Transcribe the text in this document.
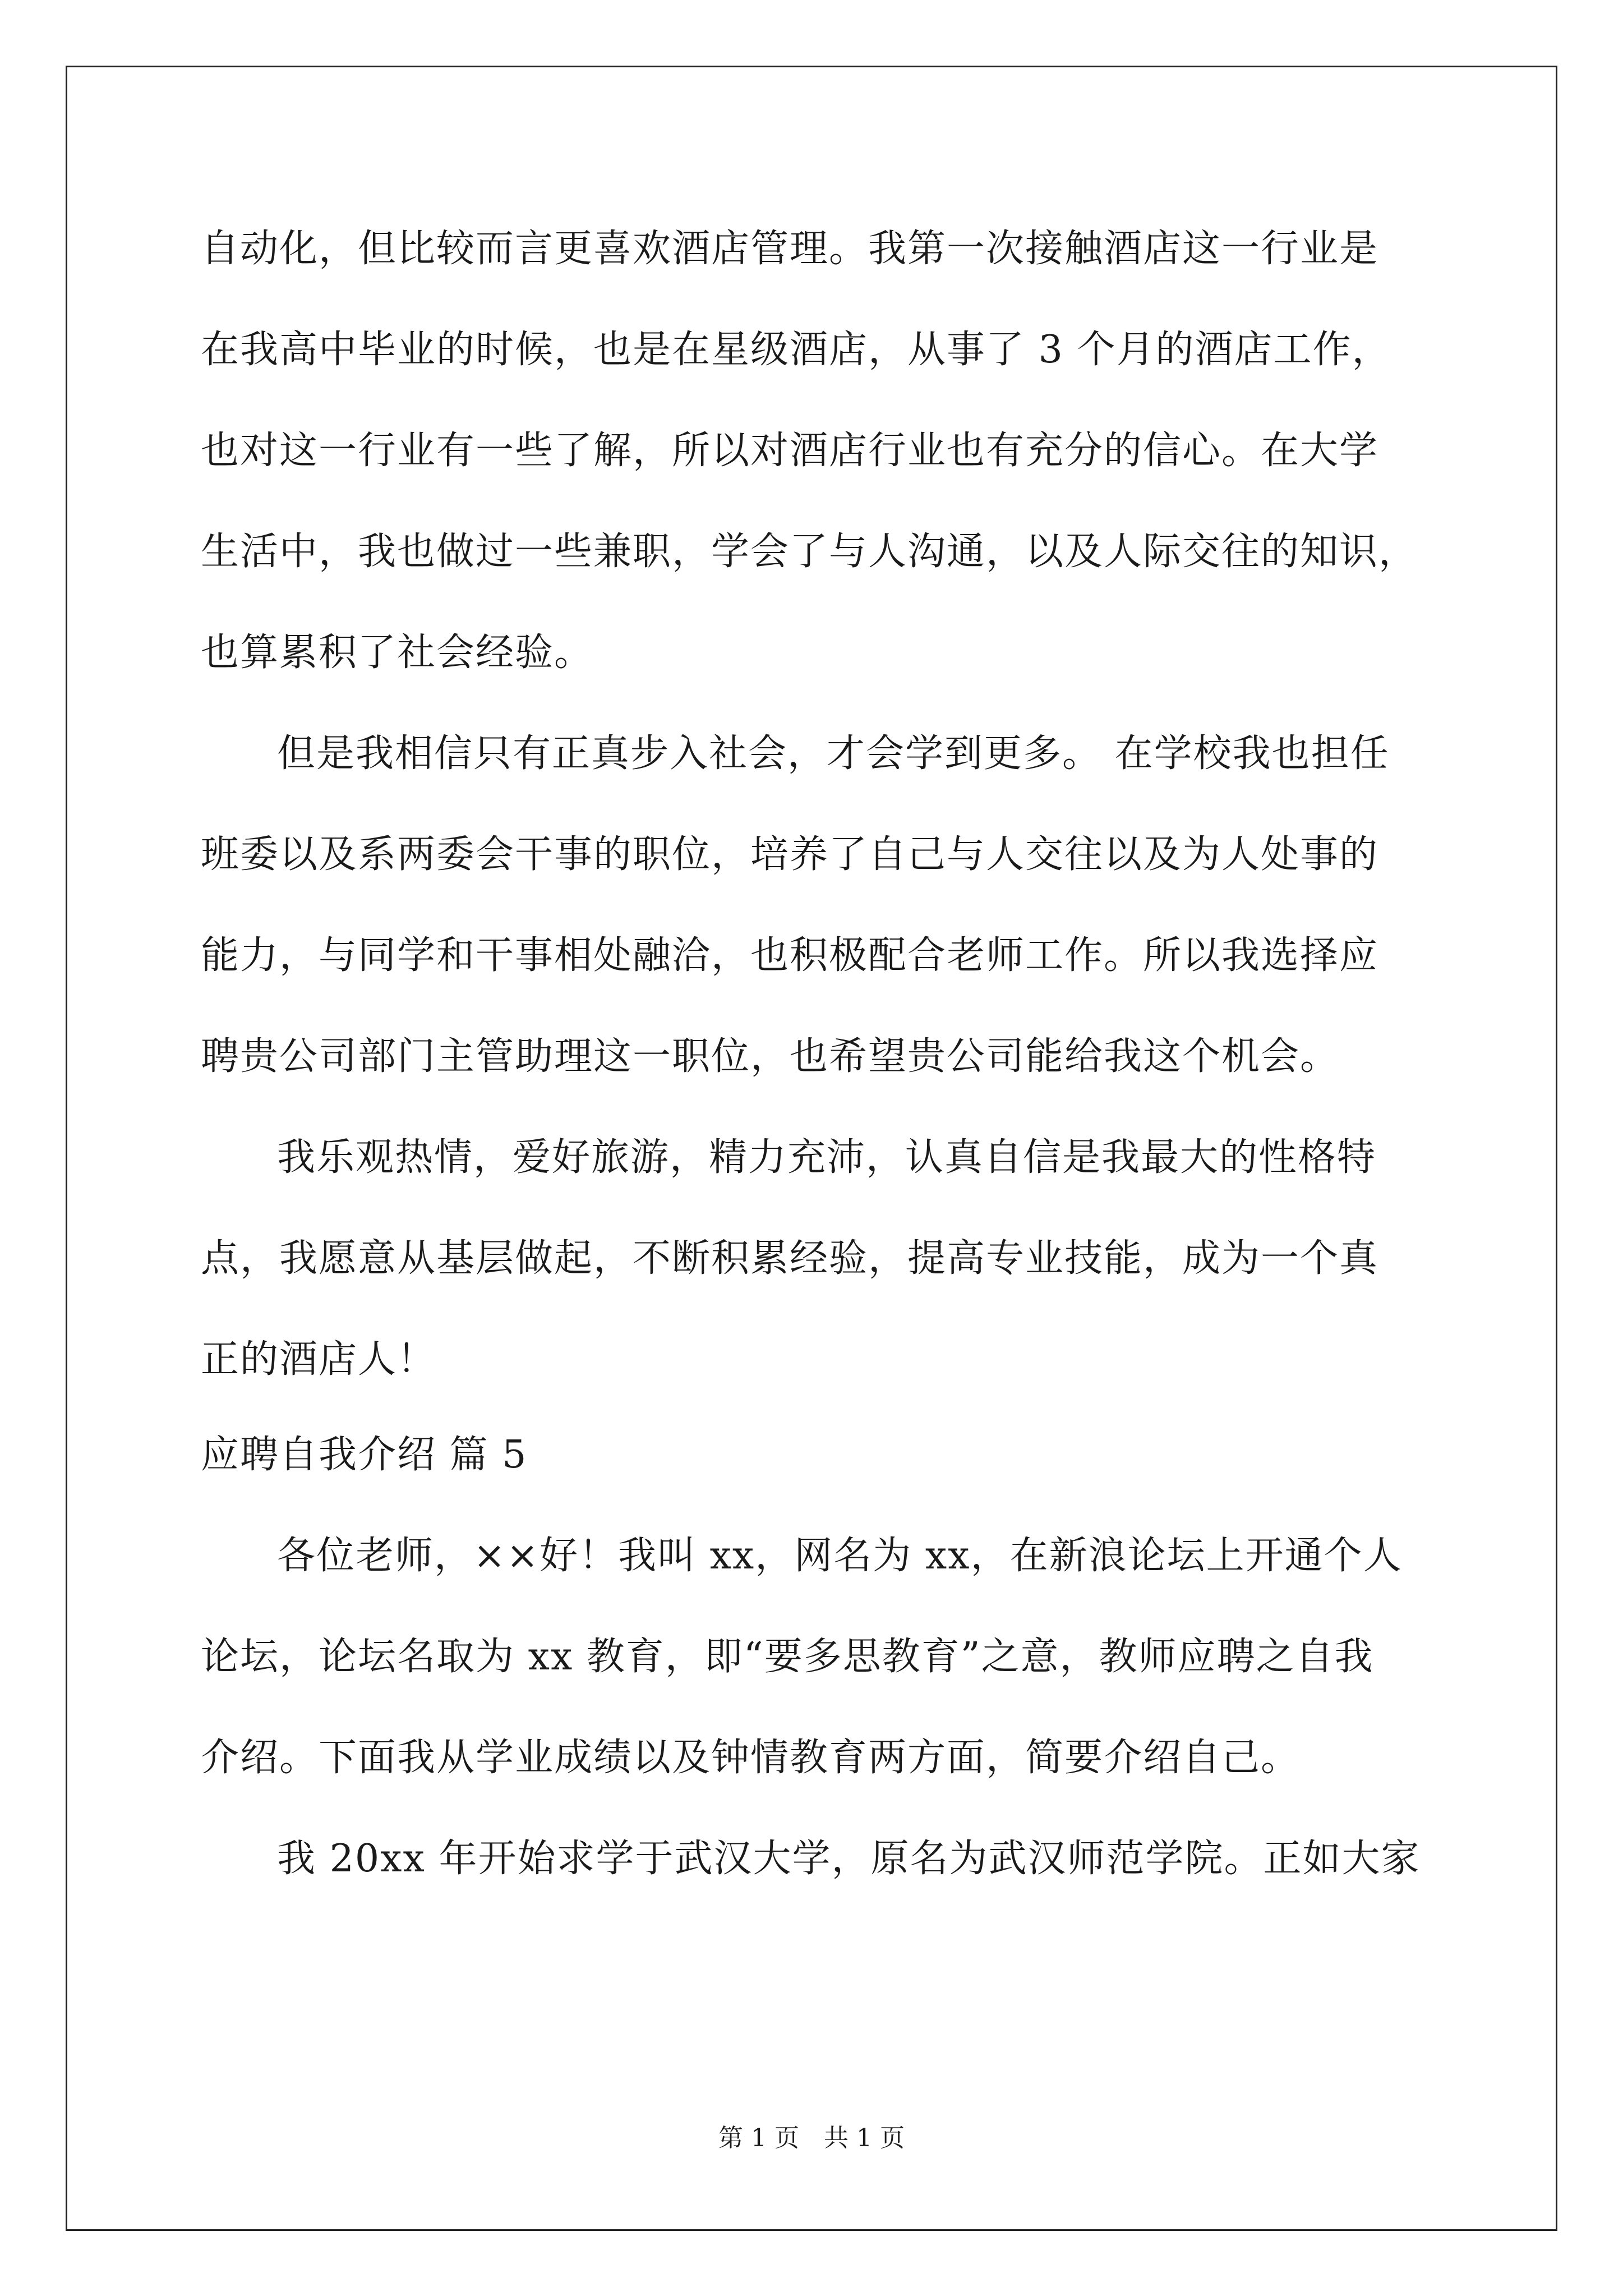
自动化，但比较而言更喜欢酒店管理。我第一次接触酒店这一行业是
在我高中毕业的时候，也是在星级酒店，从事了 3 个月的酒店工作，
也对这一行业有一些了解，所以对酒店行业也有充分的信心。在大学
生活中，我也做过一些兼职，学会了与人沟通，以及人际交往的知识，
也算累积了社会经验。
但是我相信只有正真步入社会，才会学到更多。 在学校我也担任
班委以及系两委会干事的职位，培养了自己与人交往以及为人处事的
能力，与同学和干事相处融洽，也积极配合老师工作。所以我选择应
聘贵公司部门主管助理这一职位，也希望贵公司能给我这个机会。
我乐观热情，爱好旅游，精力充沛，认真自信是我最大的性格特
点，我愿意从基层做起，不断积累经验，提高专业技能，成为一个真
正的酒店人！
应聘自我介绍 篇 5
各位老师，××好！我叫 xx，网名为 xx，在新浪论坛上开通个人
论坛，论坛名取为 xx 教育，即“要多思教育”之意，教师应聘之自我
介绍。下面我从学业成绩以及钟情教育两方面，简要介绍自己。
我 20xx 年开始求学于武汉大学，原名为武汉师范学院。正如大家
第 1 页 共 1 页
